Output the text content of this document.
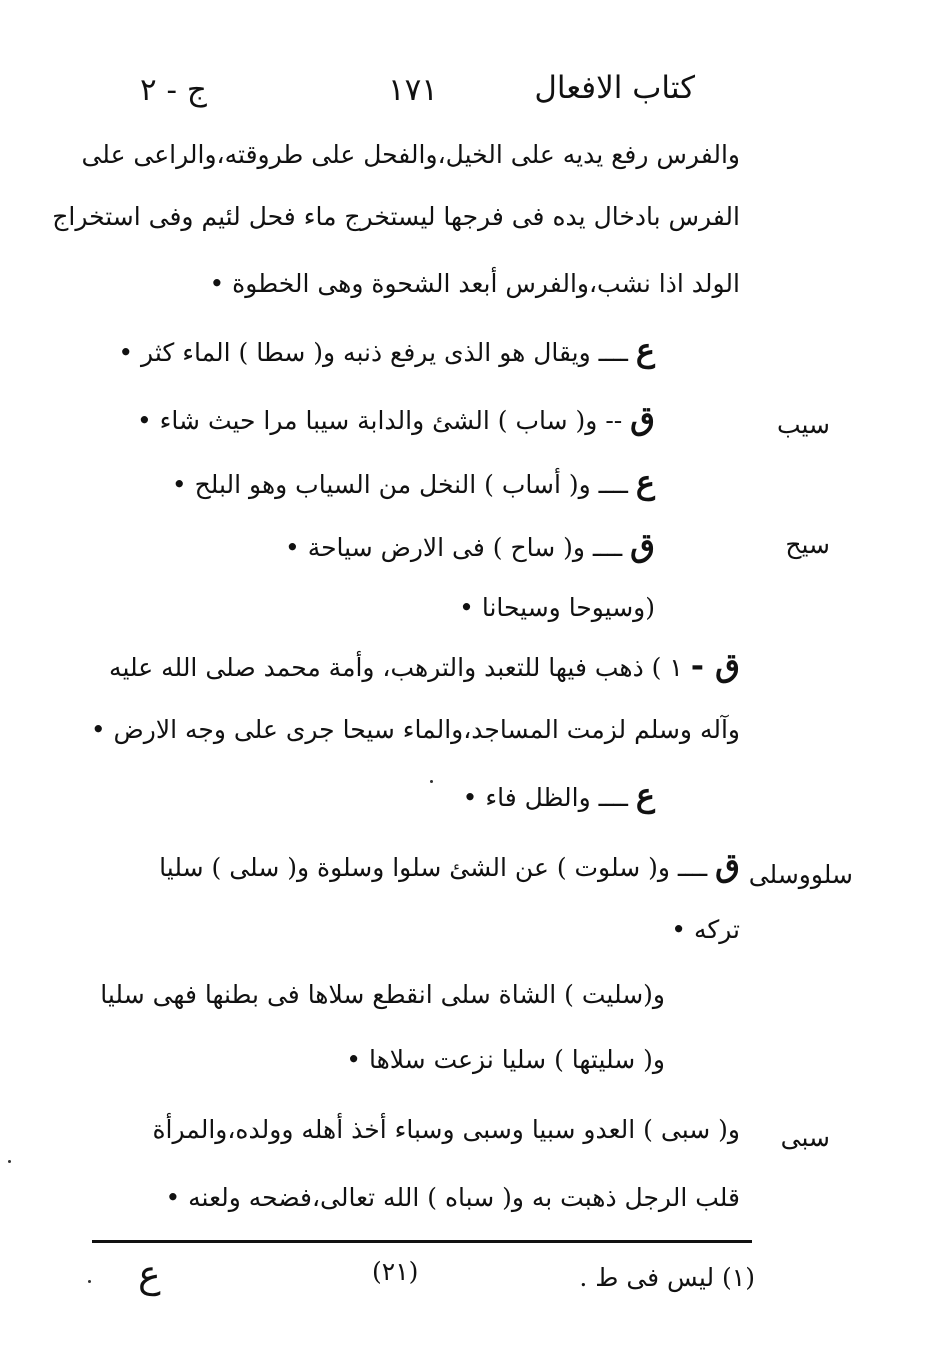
كتاب الافعال
١٧١
ج - ٢
والفرس رفع يديه على الخيل،والفحل على طروقته،والراعى على
الفرس بادخال يده فى فرجها ليستخرج ماء فحل لئيم وفى استخراج
الولد اذا نشب،والفرس أبعد الشحوة وهى الخطوة •
ع ــــ ويقال هو الذى يرفع ذنبه و( سطا ) الماء كثر •
سيب
ق -- و( ساب ) الشئ والدابة سيبا مرا حيث شاء •
ع ــــ و( أساب ) النخل من السياب وهو البلح •
سيح
ق ــــ و( ساح ) فى الارض سياحة •
(وسيوحا وسيحانا •
ق - ١ ) ذهب فيها للتعبد والترهب، وأمة محمد صلى الله عليه
وآله وسلم لزمت المساجد،والماء سيحا جرى على وجه الارض •
ع ــــ والظل فاء •
سلووسلى
ق ــــ و( سلوت ) عن الشئ سلوا وسلوة و( سلى ) سليا
تركه •
و(سليت ) الشاة سلى انقطع سلاها فى بطنها فهى سليا
و( سليتها ) سليا نزعت سلاها •
سبى
و( سبى ) العدو سبيا وسبى وسباء أخذ أهله وولده،والمرأة
قلب الرجل ذهبت به و( سباه ) الله تعالى،فضحه ولعنه •
(١) ليس فى ط .
(٢١)
ع
